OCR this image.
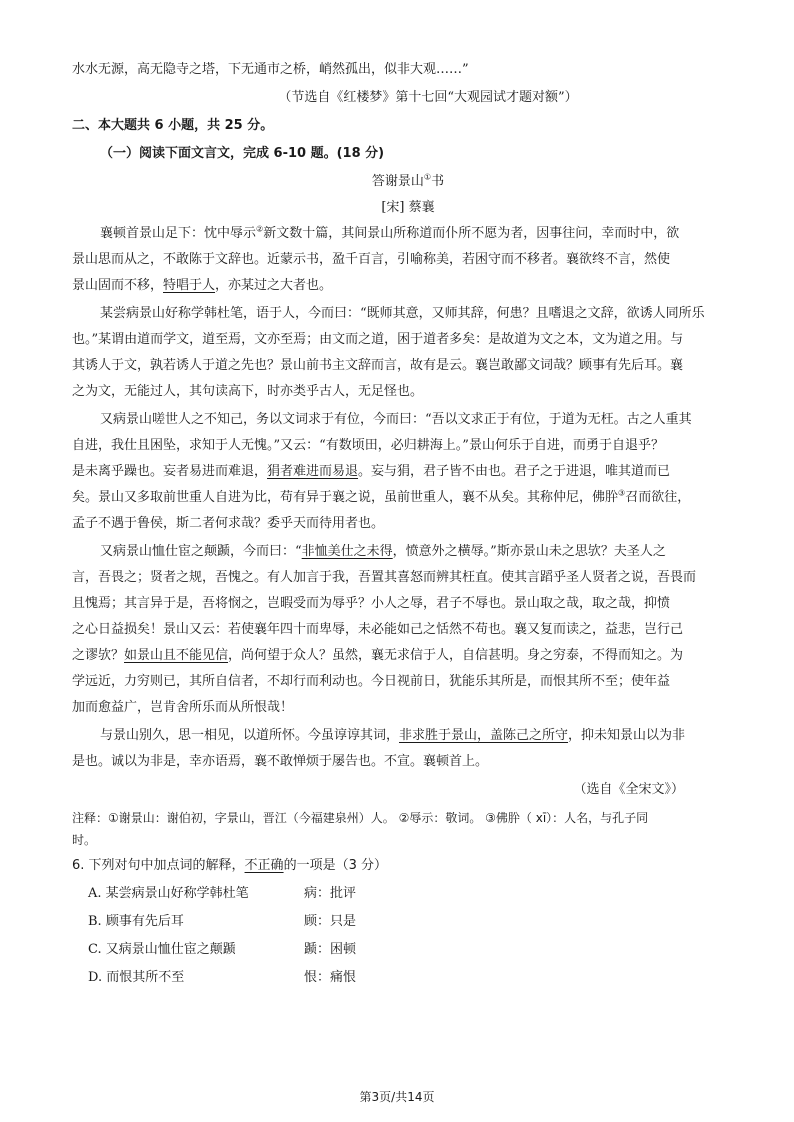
水水无源，高无隐寺之塔，下无通市之桥，峭然孤出，似非大观……”
（节选自《红楼梦》第十七回“大观园试才题对额”）
二、本大题共 6 小题，共 25 分。
（一）阅读下面文言文，完成 6-10 题。(18 分)
答谢景山①书
[宋] 蔡襄
襄顿首景山足下：忱中辱示②新文数十篇，其间景山所称道而仆所不愿为者，因事往问，幸而时中，欲
景山思而从之，不敢陈于文辞也。近蒙示书，盈千百言，引喻称美，若困守而不移者。襄欲终不言，然使
景山固而不移，特唱于人，亦某过之大者也。
某尝病景山好称学韩杜笔，语于人，今而曰：“既师其意，又师其辞，何患？且嗜退之文辞，欲诱人同所乐
也。”某谓由道而学文，道至焉，文亦至焉；由文而之道，困于道者多矣：是故道为文之本，文为道之用。与
其诱人于文，孰若诱人于道之先也？景山前书主文辞而言，故有是云。襄岂敢鄙文词哉？顾事有先后耳。襄
之为文，无能过人，其句读高下，时亦类乎古人，无足怪也。
又病景山嗟世人之不知己，务以文词求于有位，今而曰：“吾以文求正于有位，于道为无枉。古之人重其
自进，我仕且困坠，求知于人无愧。”又云：“有数顷田，必归耕海上。”景山何乐于自进，而勇于自退乎？
是未离乎躁也。妄者易进而难退，狷者难进而易退。妄与狷，君子皆不由也。君子之于进退，唯其道而已
矣。景山又多取前世重人自进为比，苟有异于襄之说，虽前世重人，襄不从矣。其称仲尼，佛肸③召而欲往，
孟子不遇于鲁侯，斯二者何求哉？委乎天而待用者也。
又病景山恤仕宦之颠踬，今而曰：“非恤美仕之未得，愤意外之横辱。”斯亦景山未之思欤？夫圣人之
言，吾畏之；贤者之规，吾愧之。有人加言于我，吾置其喜怒而辨其枉直。使其言蹈乎圣人贤者之说，吾畏而
且愧焉；其言异于是，吾将悯之，岂暇受而为辱乎？小人之辱，君子不辱也。景山取之哉，取之哉，抑愤
之心日益损矣！景山又云：若使襄年四十而卑辱，未必能如己之恬然不苟也。襄又复而读之，益悲，岂行己
之谬欤？如景山且不能见信，尚何望于众人？虽然，襄无求信于人，自信甚明。身之穷泰，不得而知之。为
学远近，力穷则已，其所自信者，不却行而利动也。今日视前日，犹能乐其所是，而恨其所不至；使年益
加而愈益广，岂肯舍所乐而从所恨哉！
与景山别久，思一相见，以道所怀。今虽谆谆其词，非求胜于景山，盖陈己之所守，抑未知景山以为非
是也。诚以为非是，幸亦语焉，襄不敢惮烦于屡告也。不宣。襄顿首上。
（选自《全宋文》）
注释：①谢景山：谢伯初，字景山，晋江（今福建泉州）人。 ②辱示：敬词。 ③佛肸（ xī）：人名，与孔子同
时。
6. 下列对句中加点词的解释，不正确的一项是（3 分）
A. 某尝病景山好称学韩杜笔	病：批评
B. 顾事有先后耳	顾：只是
C. 又病景山恤仕宦之颠踬	踬：困顿
D. 而恨其所不至	恨：痛恨
第3页/共14页
